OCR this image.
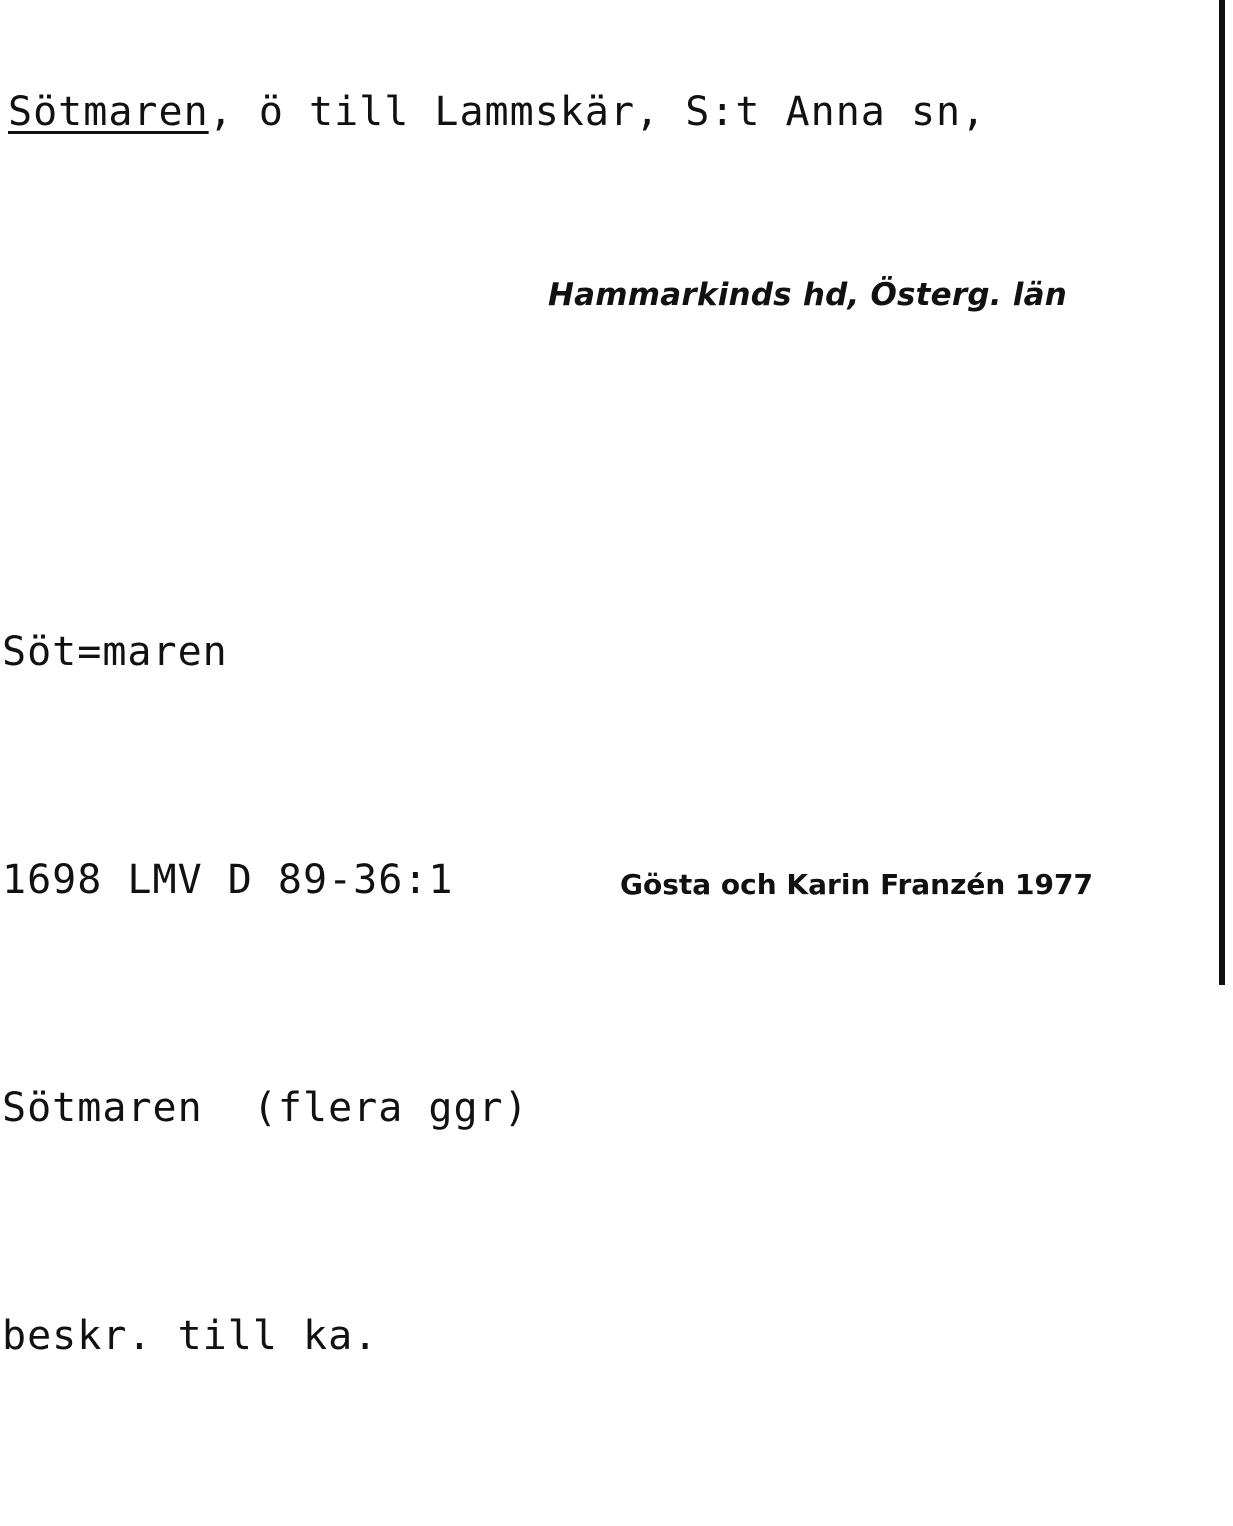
Sötmaren, ö till Lammskär, S:t Anna sn,
Hammarkinds hd, Österg. län

Söt=maren

1698 LMV D 89-36:1

Sötmaren  (flera ggr)

beskr. till ka.

Gösta och Karin Franzén 1977
